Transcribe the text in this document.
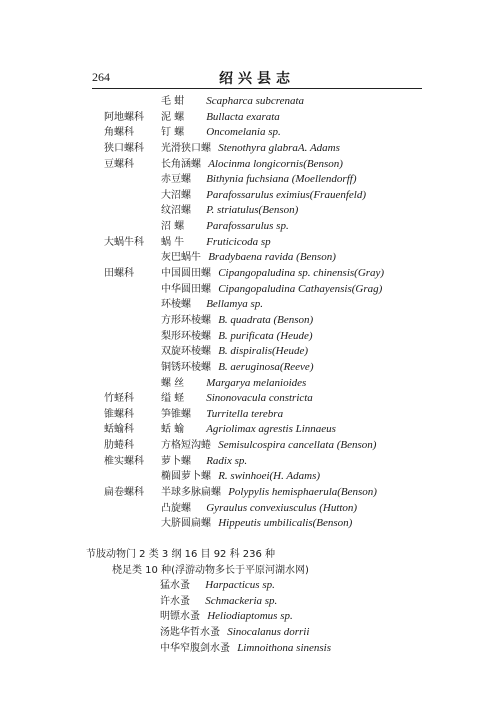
264	绍兴县志
毛 蚶 Scapharca subcrenata
阿地螺科 泥 螺 Bullacta exarata
角螺科	钉 螺 Oncomelania sp.
狭口螺科 光滑狭口螺 Stenothyra glabraA. Adams
豆螺科	长角涵螺 Alocinma longicornis(Benson)
赤豆螺 Bithynia fuchsiana (Moellendorff)
大沼螺 Parafossarulus eximius(Frauenfeld)
纹沼螺 P. striatulus(Benson)
沼 螺 Parafossarulus sp.
大蜗牛科 蜗 牛 Fruticicoda sp
灰巴蜗牛 Bradybaena ravida (Benson)
田螺科	中国圆田螺 Cipangopaludina sp. chinensis(Gray)
中华圆田螺 Cipangopaludina Cathayensis(Grag)
环棱螺 Bellamya sp.
方形环棱螺 B. quadrata (Benson)
梨形环棱螺 B. purificata (Heude)
双旋环棱螺 B. dispiralis(Heude)
铜锈环棱螺 B. aeruginosa(Reeve)
螺 丝 Margarya melanioides
竹蛏科	缢 蛏 Sinonovacula constricta
锥螺科	笋锥螺 Turritella terebra
蛞蝓科	蛞 蝓 Agriolimax agrestis Linnaeus
肋蜷科	方格短沟蜷 Semisulcospira cancellata (Benson)
椎实螺科 萝卜螺 Radix sp.
椭圆萝卜螺 R. swinhoei(H. Adams)
扁卷螺科 半球多脉扁螺 Polypylis hemisphaerula(Benson)
凸旋螺 Gyraulus convexiusculus (Hutton)
大脐圆扁螺 Hippeutis umbilicalis(Benson)
节肢动物门 2 类 3 纲 16 目 92 科 236 种
桡足类 10 种(浮游动物多长于平原河湖水网)
猛水蚤 Harpacticus sp.
许水蚤 Schmackeria sp.
明镖水蚤 Heliodiaptomus sp.
汤匙华哲水蚤 Sinocalanus dorrii
中华窄腹剑水蚤 Limnoithona sinensis
